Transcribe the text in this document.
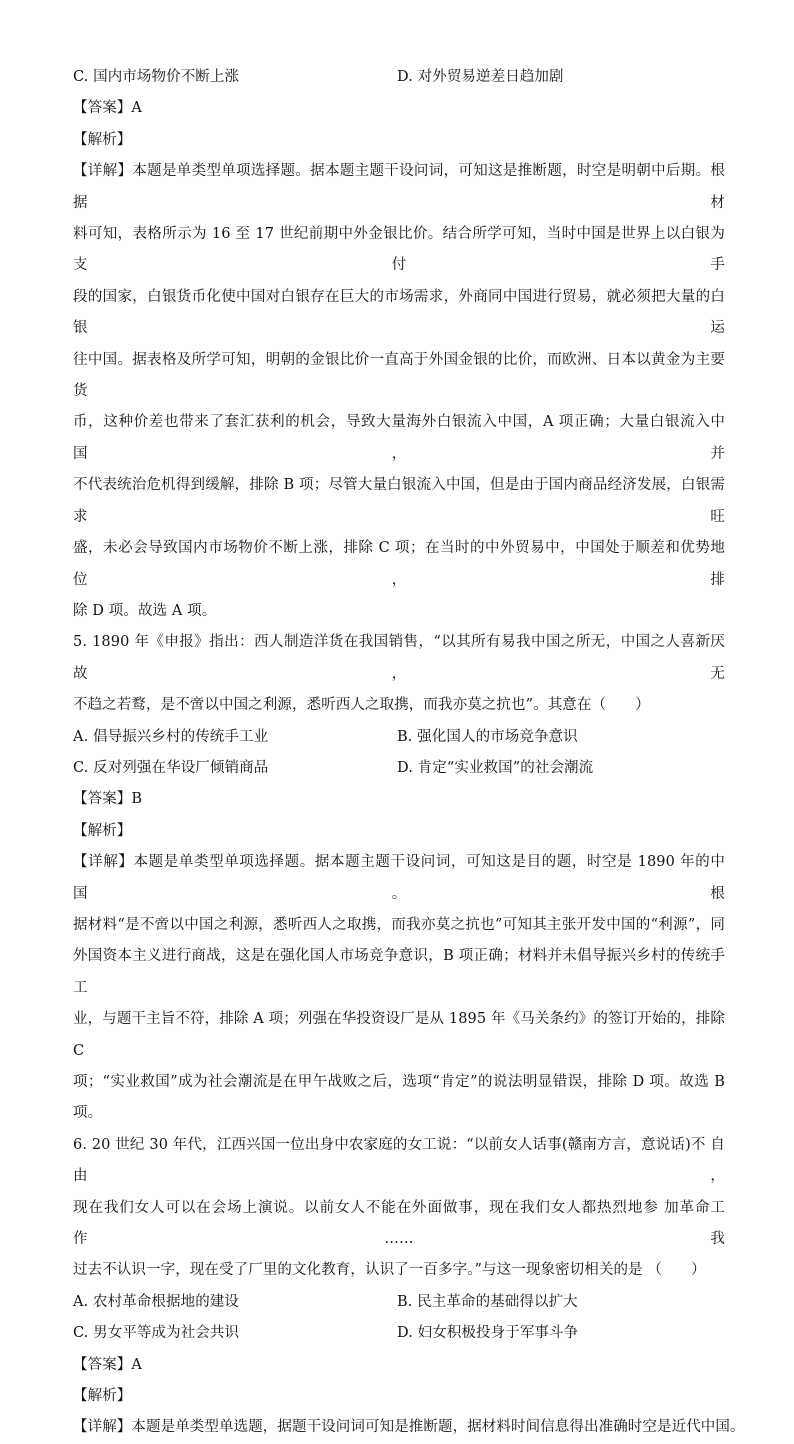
C. 国内市场物价不断上涨	D. 对外贸易逆差日趋加剧
【答案】A
【解析】
【详解】本题是单类型单项选择题。据本题主题干设问词，可知这是推断题，时空是明朝中后期。根据材
料可知，表格所示为 16 至 17 世纪前期中外金银比价。结合所学可知，当时中国是世界上以白银为支付手
段的国家，白银货币化使中国对白银存在巨大的市场需求，外商同中国进行贸易，就必须把大量的白银运
往中国。据表格及所学可知，明朝的金银比价一直高于外国金银的比价，而欧洲、日本以黄金为主要货
币，这种价差也带来了套汇获利的机会，导致大量海外白银流入中国，A 项正确；大量白银流入中国，并
不代表统治危机得到缓解，排除 B 项；尽管大量白银流入中国，但是由于国内商品经济发展，白银需求旺
盛，未必会导致国内市场物价不断上涨，排除 C 项；在当时的中外贸易中，中国处于顺差和优势地位，排
除 D 项。故选 A 项。
5. 1890 年《申报》指出：西人制造洋货在我国销售，“以其所有易我中国之所无，中国之人喜新厌故，无
不趋之若鹜，是不啻以中国之利源，悉听西人之取携，而我亦莫之抗也”。其意在（　　）
A. 倡导振兴乡村的传统手工业	B. 强化国人的市场竞争意识
C. 反对列强在华设厂倾销商品	D. 肯定“实业救国”的社会潮流
【答案】B
【解析】
【详解】本题是单类型单项选择题。据本题主题干设问词，可知这是目的题，时空是 1890 年的中国。根
据材料“是不啻以中国之利源，悉听西人之取携，而我亦莫之抗也”可知其主张开发中国的“利源”，同
外国资本主义进行商战，这是在强化国人市场竞争意识，B 项正确；材料并未倡导振兴乡村的传统手工
业，与题干主旨不符，排除 A 项；列强在华投资设厂是从 1895 年《马关条约》的签订开始的，排除 C
项；“实业救国”成为社会潮流是在甲午战败之后，选项“肯定”的说法明显错误，排除 D 项。故选 B
项。
6. 20 世纪 30 年代，江西兴国一位出身中农家庭的女工说：“以前女人话事(赣南方言，意说话)不 自由，
现在我们女人可以在会场上演说。以前女人不能在外面做事，现在我们女人都热烈地参 加革命工作……我
过去不认识一字，现在受了厂里的文化教育，认识了一百多字。”与这一现象密切相关的是 （　　）
A. 农村革命根据地的建设	B. 民主革命的基础得以扩大
C. 男女平等成为社会共识	D. 妇女积极投身于军事斗争
【答案】A
【解析】
【详解】本题是单类型单选题，据题干设问词可知是推断题，据材料时间信息得出准确时空是近代中国。
